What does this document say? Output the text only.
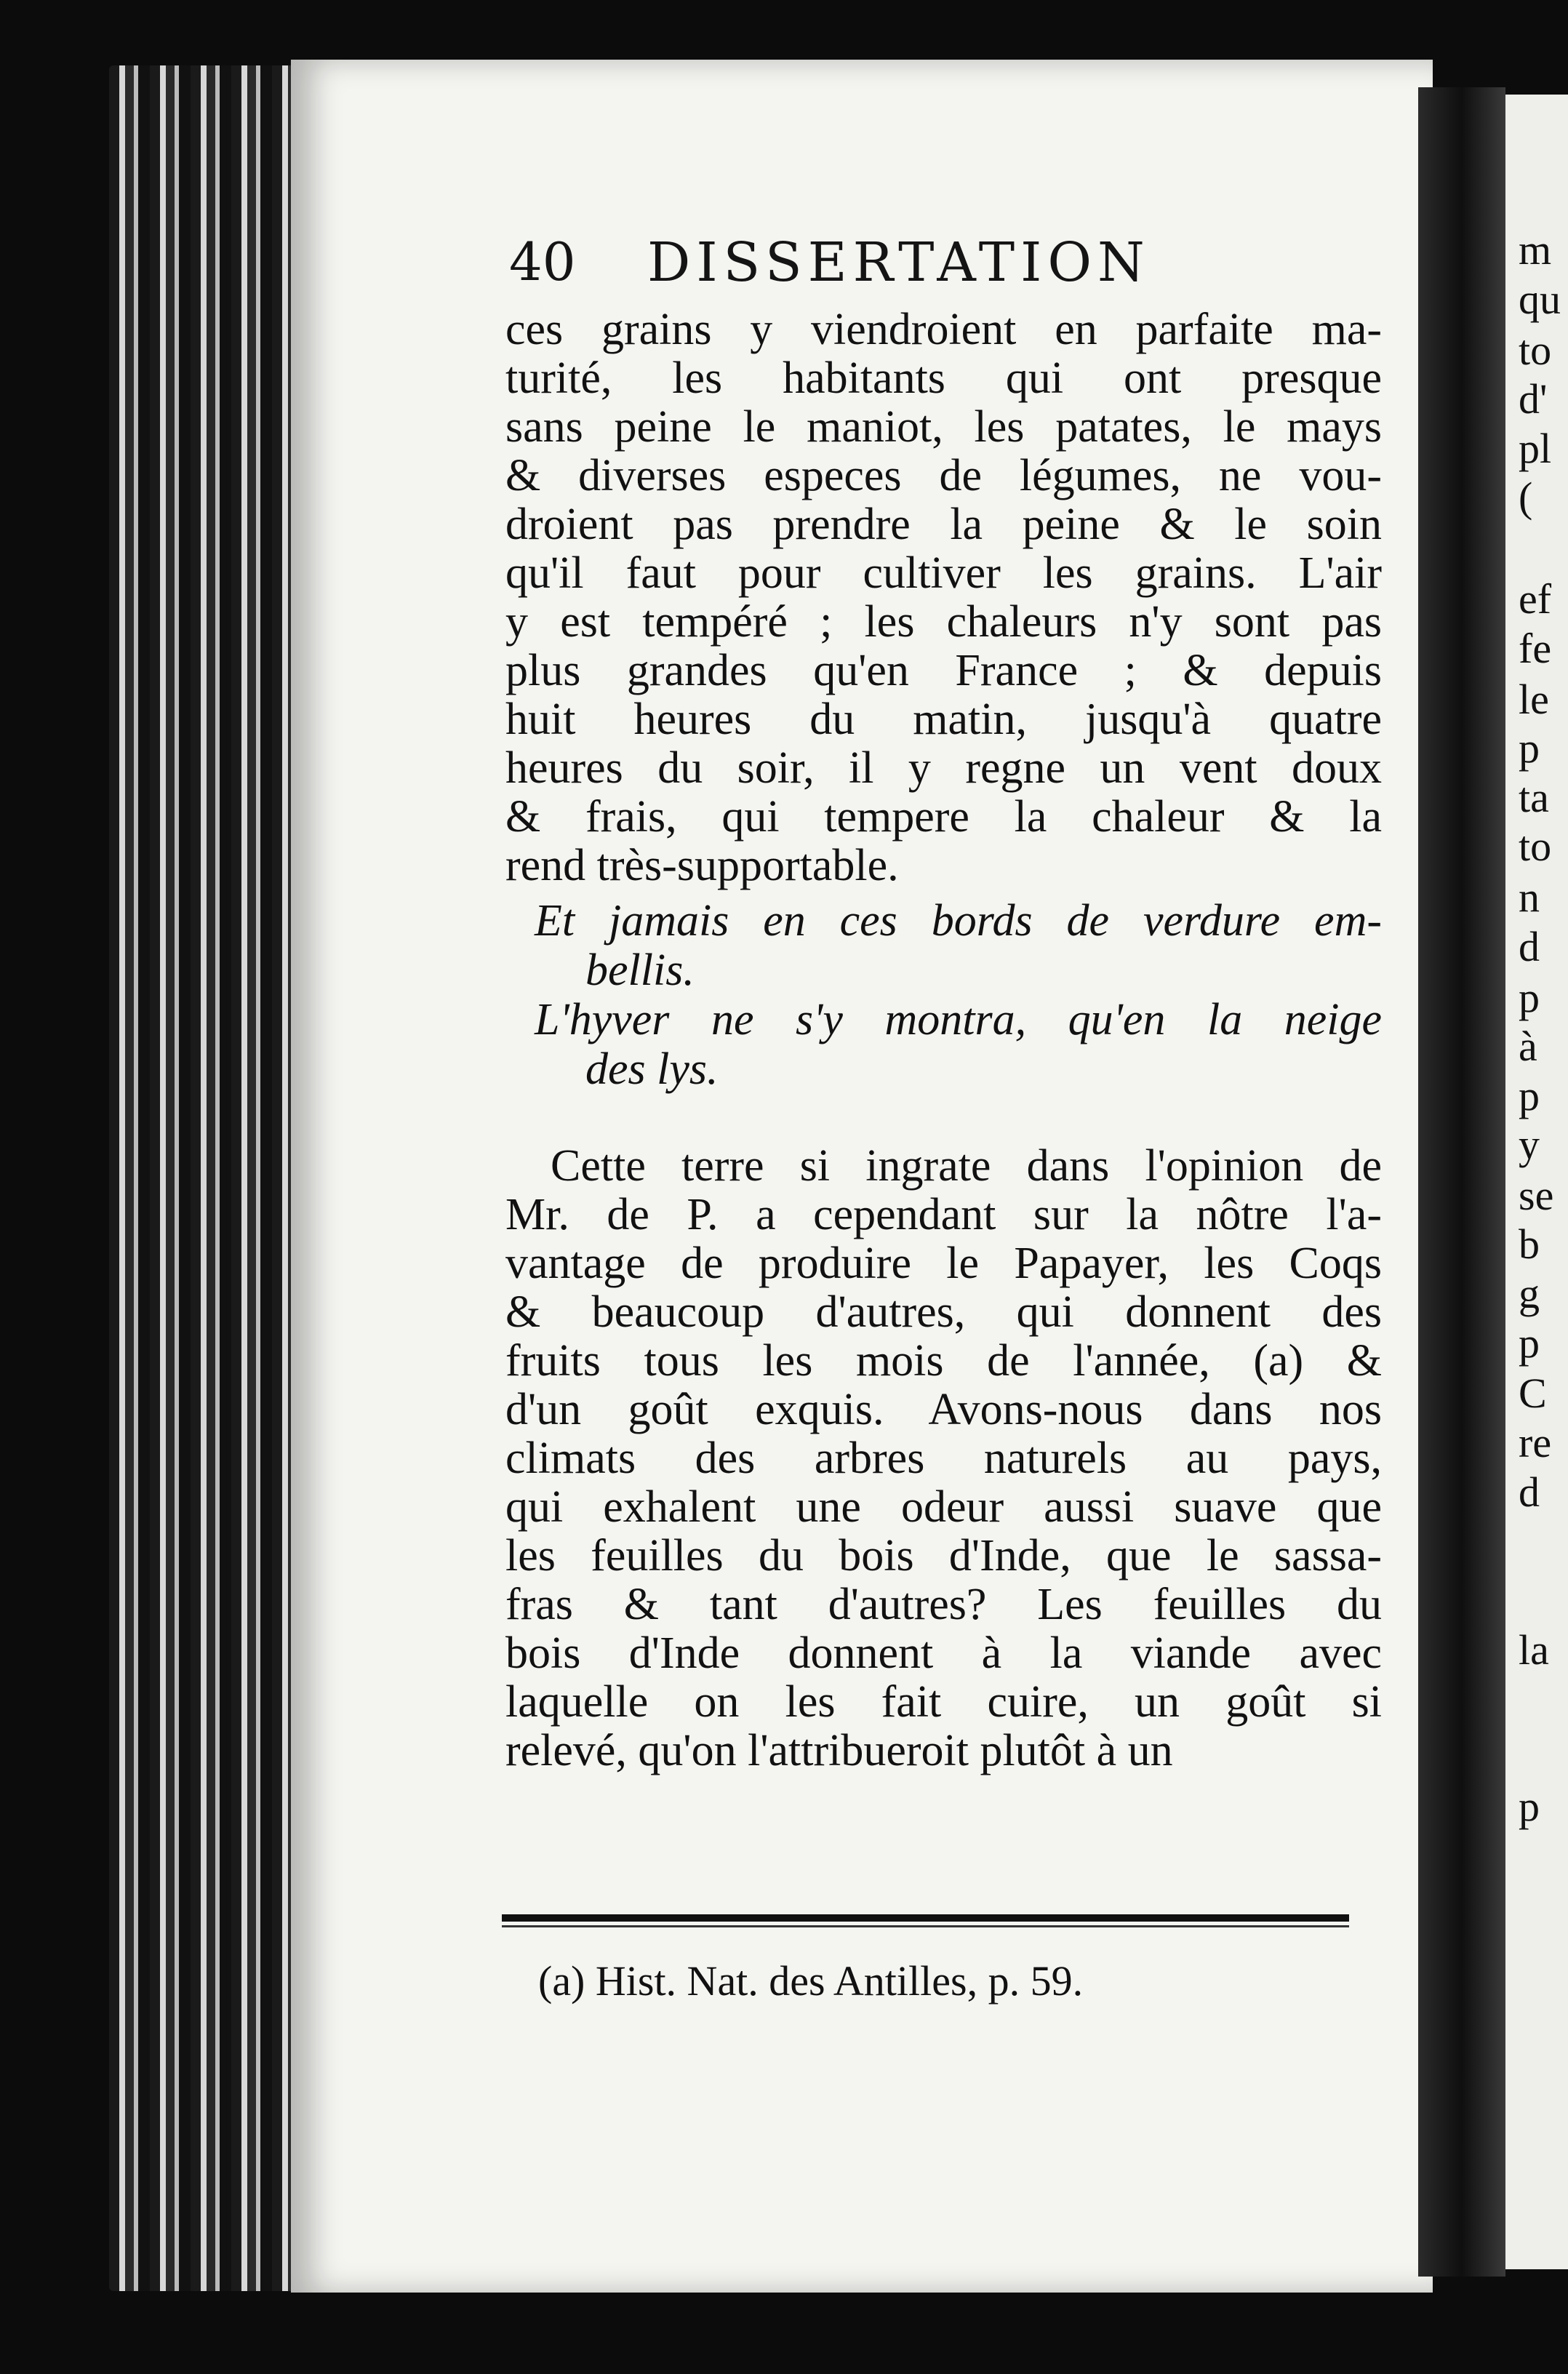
m
qu
to
d'
pl
(
ef
fe
le
p
ta
to
n
d
p
à
p
y
se
b
g
p
C
re
d
la
p
40 DISSERTATION
ces grains y viendroient en parfaite ma-
turité, les habitants qui ont presque
sans peine le maniot, les patates, le mays
& diverses especes de légumes, ne vou-
droient pas prendre la peine & le soin
qu'il faut pour cultiver les grains. L'air
y est tempéré ; les chaleurs n'y sont pas
plus grandes qu'en France ; & depuis
huit heures du matin, jusqu'à quatre
heures du soir, il y regne un vent doux
& frais, qui tempere la chaleur & la
rend très-supportable.
Et jamais en ces bords de verdure em-
bellis.
L'hyver ne s'y montra, qu'en la neige
des lys.
Cette terre si ingrate dans l'opinion de
Mr. de P. a cependant sur la nôtre l'a-
vantage de produire le Papayer, les Coqs
& beaucoup d'autres, qui donnent des
fruits tous les mois de l'année, (a) &
d'un goût exquis. Avons-nous dans nos
climats des arbres naturels au pays,
qui exhalent une odeur aussi suave que
les feuilles du bois d'Inde, que le sassa-
fras & tant d'autres? Les feuilles du
bois d'Inde donnent à la viande avec
laquelle on les fait cuire, un goût si
relevé, qu'on l'attribueroit plutôt à un
(a) Hist. Nat. des Antilles, p. 59.
